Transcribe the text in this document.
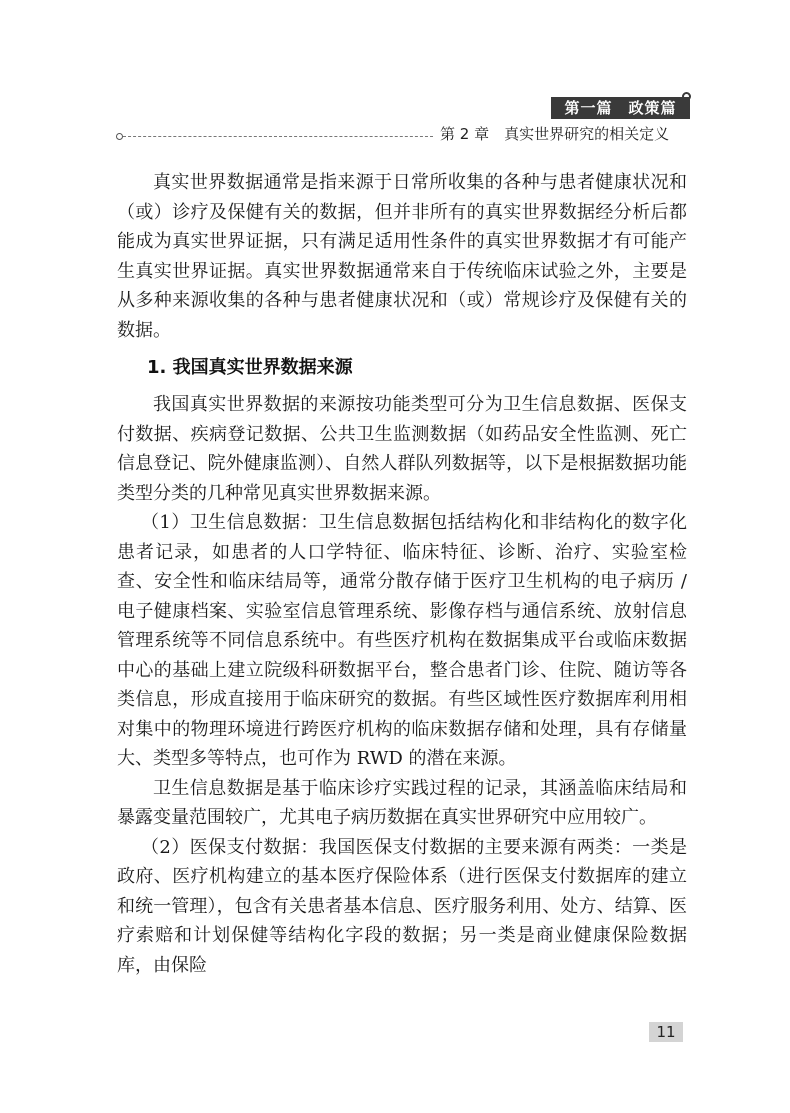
第一篇　政策篇
第 2 章　真实世界研究的相关定义

真实世界数据通常是指来源于日常所收集的各种与患者健康状况和（或）诊疗及保健有关的数据，但并非所有的真实世界数据经分析后都能成为真实世界证据，只有满足适用性条件的真实世界数据才有可能产生真实世界证据。真实世界数据通常来自于传统临床试验之外，主要是从多种来源收集的各种与患者健康状况和（或）常规诊疗及保健有关的数据。

1. 我国真实世界数据来源

我国真实世界数据的来源按功能类型可分为卫生信息数据、医保支付数据、疾病登记数据、公共卫生监测数据（如药品安全性监测、死亡信息登记、院外健康监测）、自然人群队列数据等，以下是根据数据功能类型分类的几种常见真实世界数据来源。

（1）卫生信息数据：卫生信息数据包括结构化和非结构化的数字化患者记录，如患者的人口学特征、临床特征、诊断、治疗、实验室检查、安全性和临床结局等，通常分散存储于医疗卫生机构的电子病历 / 电子健康档案、实验室信息管理系统、影像存档与通信系统、放射信息管理系统等不同信息系统中。有些医疗机构在数据集成平台或临床数据中心的基础上建立院级科研数据平台，整合患者门诊、住院、随访等各类信息，形成直接用于临床研究的数据。有些区域性医疗数据库利用相对集中的物理环境进行跨医疗机构的临床数据存储和处理，具有存储量大、类型多等特点，也可作为 RWD 的潜在来源。

卫生信息数据是基于临床诊疗实践过程的记录，其涵盖临床结局和暴露变量范围较广，尤其电子病历数据在真实世界研究中应用较广。

（2）医保支付数据：我国医保支付数据的主要来源有两类：一类是政府、医疗机构建立的基本医疗保险体系（进行医保支付数据库的建立和统一管理），包含有关患者基本信息、医疗服务利用、处方、结算、医疗索赔和计划保健等结构化字段的数据；另一类是商业健康保险数据库，由保险

11
